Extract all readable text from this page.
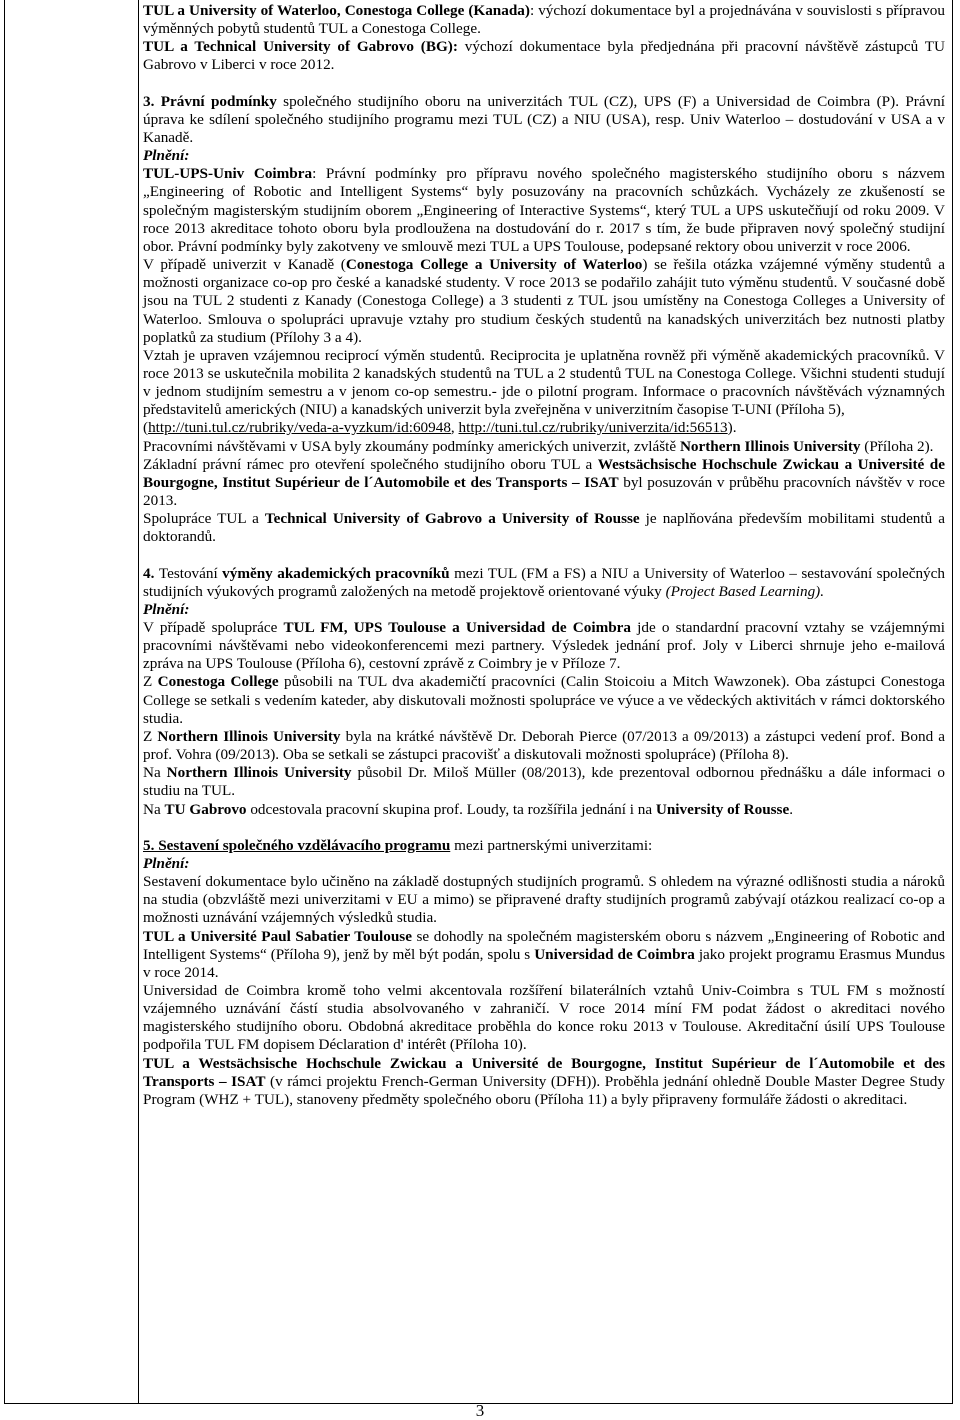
TUL a University of Waterloo, Conestoga College (Kanada): výchozí dokumentace byl a projednávána v souvislosti s přípravou výměnných pobytů studentů TUL a Conestoga College.

TUL a Technical University of Gabrovo (BG): výchozí dokumentace byla předjednána při pracovní návštěvě zástupců TU Gabrovo v Liberci v roce 2012.

3. Právní podmínky společného studijního oboru na univerzitách TUL (CZ), UPS (F) a Universidad de Coimbra (P). Právní úprava ke sdílení společného studijního programu mezi TUL (CZ) a NIU (USA), resp. Univ Waterloo – dostudování v USA a v Kanadě.

Plnění:

TUL-UPS-Univ Coimbra: Právní podmínky pro přípravu nového společného magisterského studijního oboru s názvem „Engineering of Robotic and Intelligent Systems“ byly posuzovány na pracovních schůzkách. Vycházely ze zkušeností se společným magisterským studijním oborem „Engineering of Interactive Systems“, který TUL a UPS uskutečňují od roku 2009. V roce 2013 akreditace tohoto oboru byla prodloužena na dostudování do r. 2017 s tím, že bude připraven nový společný studijní obor. Právní podmínky byly zakotveny ve smlouvě mezi TUL a UPS Toulouse, podepsané rektory obou univerzit v roce 2006.

V případě univerzit v Kanadě (Conestoga College a University of Waterloo) se řešila otázka vzájemné výměny studentů a možnosti organizace co-op pro české a kanadské studenty. V roce 2013 se podařilo zahájit tuto výměnu studentů. V současné době jsou na TUL 2 studenti z Kanady (Conestoga College) a 3 studenti z TUL jsou umístěny na Conestoga Colleges a University of Waterloo. Smlouva o spolupráci upravuje vztahy pro studium českých studentů na kanadských univerzitách bez nutnosti platby poplatků za studium (Přílohy 3 a 4).

Vztah je upraven vzájemnou reciprocí výměn studentů. Reciprocita je uplatněna rovněž při výměně akademických pracovníků. V roce 2013 se uskutečnila mobilita 2 kanadských studentů na TUL a 2 studentů TUL na Conestoga College. Všichni studenti studují v jednom studijním semestru a v jenom co-op semestru.- jde o pilotní program. Informace o pracovních návštěvách významných představitelů amerických (NIU) a kanadských univerzit byla zveřejněna v univerzitním časopise T-UNI (Příloha 5),

(http://tuni.tul.cz/rubriky/veda-a-vyzkum/id:60948, http://tuni.tul.cz/rubriky/univerzita/id:56513).

Pracovními návštěvami v USA byly zkoumány podmínky amerických univerzit, zvláště Northern Illinois University (Příloha 2).

Základní právní rámec pro otevření společného studijního oboru TUL a Westsächsische Hochschule Zwickau a Université de Bourgogne, Institut Supérieur de l´Automobile et des Transports – ISAT byl posuzován v průběhu pracovních návštěv v roce 2013.

Spolupráce TUL a Technical University of Gabrovo a University of Rousse je naplňována především mobilitami studentů a doktorandů.

4. Testování výměny akademických pracovníků mezi TUL (FM a FS) a NIU a University of Waterloo – sestavování společných studijních výukových programů založených na metodě projektově orientované výuky (Project Based Learning).

Plnění:

V případě spolupráce TUL FM, UPS Toulouse a Universidad de Coimbra jde o standardní pracovní vztahy se vzájemnými pracovními návštěvami nebo videokonferencemi mezi partnery. Výsledek jednání prof. Joly v Liberci shrnuje jeho e-mailová zpráva na UPS Toulouse (Příloha 6), cestovní zprávě z Coimbry je v Příloze 7.

Z Conestoga College působili na TUL dva akademičtí pracovníci (Calin Stoicoiu a Mitch Wawzonek). Oba zástupci Conestoga College se setkali s vedením kateder, aby diskutovali možnosti spolupráce ve výuce a ve vědeckých aktivitách v rámci doktorského studia.

Z Northern Illinois University byla na krátké návštěvě Dr. Deborah Pierce (07/2013 a 09/2013) a zástupci vedení prof. Bond a prof. Vohra (09/2013). Oba se setkali se zástupci pracovišť a diskutovali možnosti spolupráce) (Příloha 8).

Na Northern Illinois University působil Dr. Miloš Müller (08/2013), kde prezentoval odbornou přednášku a dále informaci o studiu na TUL.

Na TU Gabrovo odcestovala pracovní skupina prof. Loudy, ta rozšířila jednání i na University of Rousse.

5. Sestavení společného vzdělávacího programu mezi partnerskými univerzitami:

Plnění:

Sestavení dokumentace bylo učiněno na základě dostupných studijních programů. S ohledem na výrazné odlišnosti studia a nároků na studia (obzvláště mezi univerzitami v EU a mimo) se připravené drafty studijních programů zabývají otázkou realizací co-op a možnosti uznávání vzájemných výsledků studia.

TUL a Université Paul Sabatier Toulouse se dohodly na společném magisterském oboru s názvem „Engineering of Robotic and Intelligent Systems“ (Příloha 9), jenž by měl být podán, spolu s Universidad de Coimbra jako projekt programu Erasmus Mundus v roce 2014.

Universidad de Coimbra kromě toho velmi akcentovala rozšíření bilaterálních vztahů Univ-Coimbra s TUL FM s možností vzájemného uznávání částí studia absolvovaného v zahraničí. V roce 2014 míní FM podat žádost o akreditaci nového magisterského studijního oboru. Obdobná akreditace proběhla do konce roku 2013 v Toulouse. Akreditační úsilí UPS Toulouse podpořila TUL FM dopisem Déclaration d' intérêt (Příloha 10).

TUL a Westsächsische Hochschule Zwickau a Université de Bourgogne, Institut Supérieur de l´Automobile et des Transports – ISAT (v rámci projektu French-German University (DFH)). Proběhla jednání ohledně Double Master Degree Study Program (WHZ + TUL), stanoveny předměty společného oboru (Příloha 11) a byly připraveny formuláře žádosti o akreditaci.

3
